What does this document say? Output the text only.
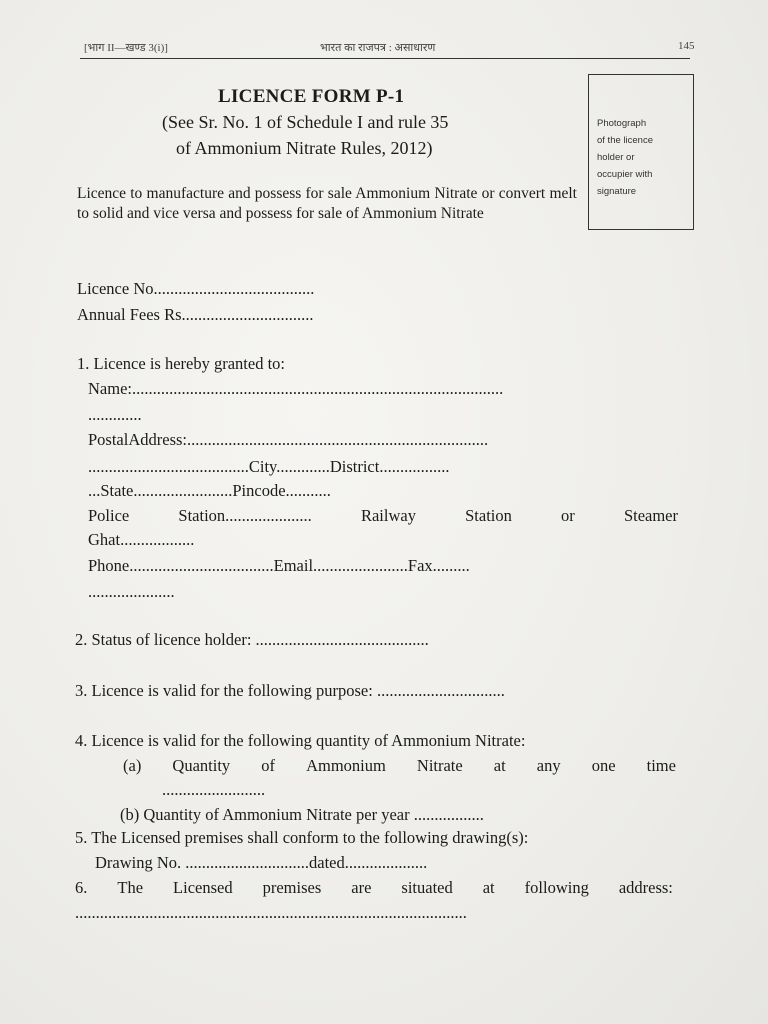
[भाग II—खण्ड 3(i)]	भारत का राजपत्र : असाधारण	145
Photograph
of the licence
holder or
occupier with
signature
LICENCE FORM P-1
(See Sr. No. 1 of Schedule I and rule 35
of Ammonium Nitrate Rules, 2012)
Licence to manufacture and possess for sale Ammonium Nitrate or convert melt to solid and vice versa and possess for sale of Ammonium Nitrate
Licence No.......................................
Annual Fees Rs................................
1. Licence is hereby granted to:
Name:..........................................................................................
.............
PostalAddress:.........................................................................
.......................................City.............District.................
...State........................Pincode...........
Police	Station.....................	Railway	Station	or	Steamer
Ghat..................
Phone...................................Email.......................Fax.........
.....................
2. Status of licence holder: ..........................................
3. Licence is valid for the following purpose: ...............................
4. Licence is valid for the following quantity of Ammonium Nitrate:
(a) Quantity of Ammonium Nitrate at any one time
.........................
(b) Quantity of Ammonium Nitrate per year .................
5. The Licensed premises shall conform to the following drawing(s):
Drawing No. ..............................dated....................
6. The Licensed premises are situated at following address:
...............................................................................................
